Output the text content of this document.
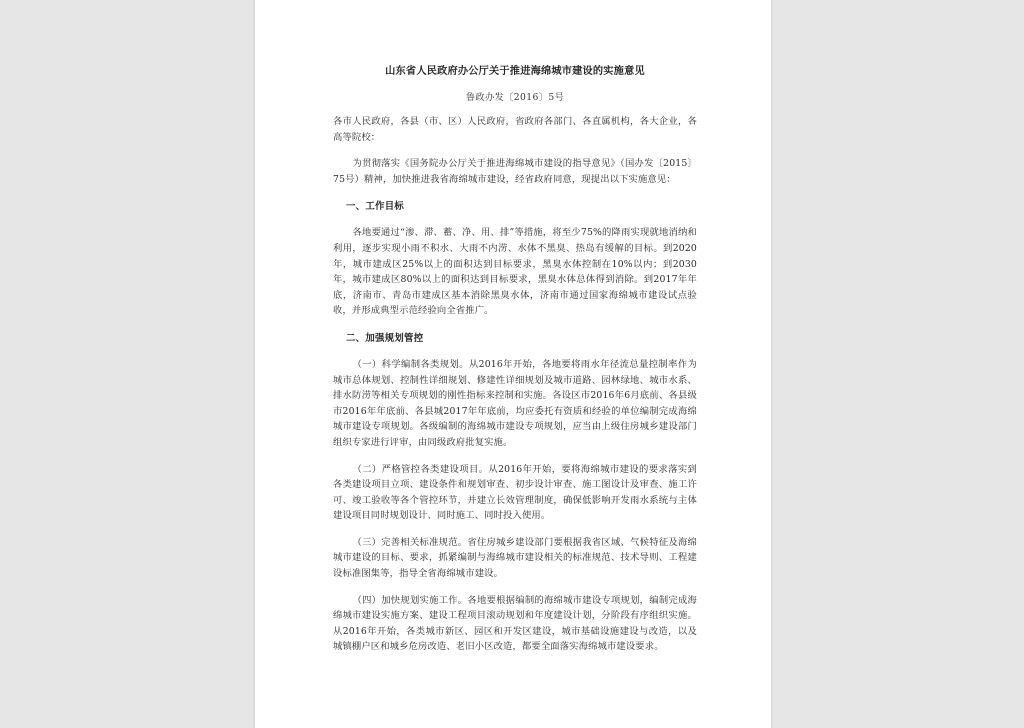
山东省人民政府办公厅关于推进海绵城市建设的实施意见
鲁政办发〔2016〕5号

各市人民政府，各县（市、区）人民政府，省政府各部门、各直属机构，各大企业，各高等院校：

为贯彻落实《国务院办公厅关于推进海绵城市建设的指导意见》（国办发〔2015〕75号）精神，加快推进我省海绵城市建设，经省政府同意，现提出以下实施意见：

一、工作目标

各地要通过“渗、滞、蓄、净、用、排”等措施，将至少75%的降雨实现就地消纳和利用，逐步实现小雨不积水、大雨不内涝、水体不黑臭、热岛有缓解的目标。到2020年，城市建成区25%以上的面积达到目标要求，黑臭水体控制在10%以内；到2030年，城市建成区80%以上的面积达到目标要求，黑臭水体总体得到消除。到2017年年底，济南市、青岛市建成区基本消除黑臭水体，济南市通过国家海绵城市建设试点验收，并形成典型示范经验向全省推广。

二、加强规划管控

（一）科学编制各类规划。从2016年开始，各地要将雨水年径流总量控制率作为城市总体规划、控制性详细规划、修建性详细规划及城市道路、园林绿地、城市水系、排水防涝等相关专项规划的刚性指标来控制和实施。各设区市2016年6月底前、各县级市2016年年底前、各县城2017年年底前，均应委托有资质和经验的单位编制完成海绵城市建设专项规划。各级编制的海绵城市建设专项规划，应当由上级住房城乡建设部门组织专家进行评审，由同级政府批复实施。

（二）严格管控各类建设项目。从2016年开始，要将海绵城市建设的要求落实到各类建设项目立项、建设条件和规划审查、初步设计审查、施工图设计及审查、施工许可、竣工验收等各个管控环节，并建立长效管理制度，确保低影响开发雨水系统与主体建设项目同时规划设计、同时施工、同时投入使用。

（三）完善相关标准规范。省住房城乡建设部门要根据我省区域、气候特征及海绵城市建设的目标、要求，抓紧编制与海绵城市建设相关的标准规范、技术导则、工程建设标准图集等，指导全省海绵城市建设。

（四）加快规划实施工作。各地要根据编制的海绵城市建设专项规划，编制完成海绵城市建设实施方案、建设工程项目滚动规划和年度建设计划，分阶段有序组织实施。从2016年开始，各类城市新区、园区和开发区建设，城市基础设施建设与改造，以及城镇棚户区和城乡危房改造、老旧小区改造，都要全面落实海绵城市建设要求。
